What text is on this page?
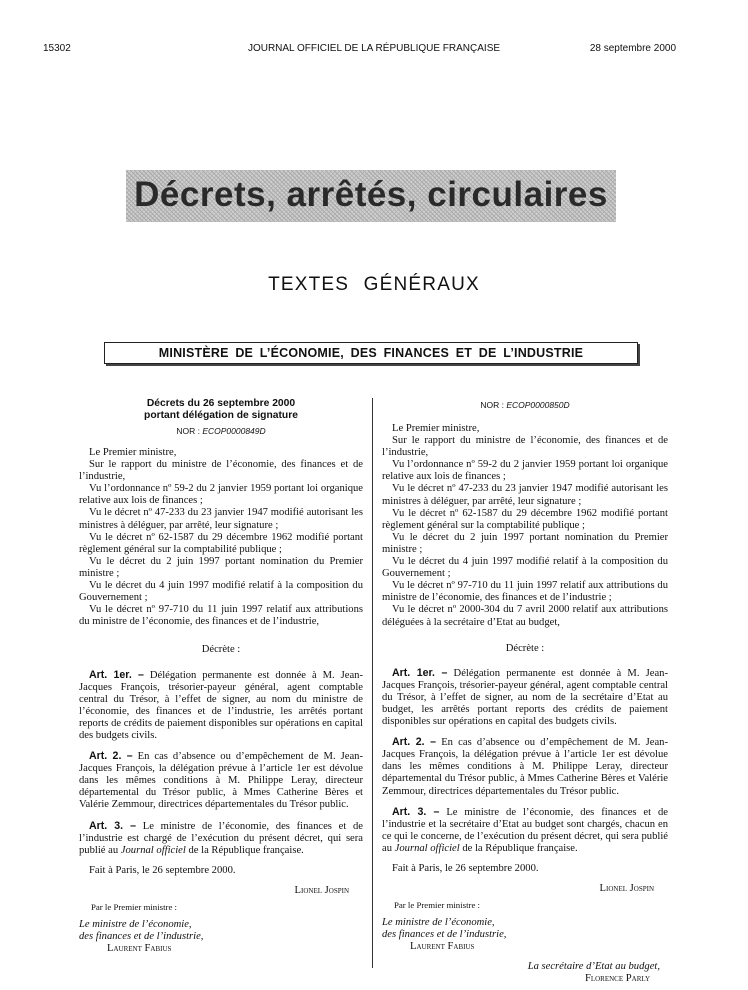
15302	JOURNAL OFFICIEL DE LA RÉPUBLIQUE FRANÇAISE	28 septembre 2000
Décrets, arrêtés, circulaires
TEXTES GÉNÉRAUX
MINISTÈRE DE L’ÉCONOMIE, DES FINANCES ET DE L’INDUSTRIE
Décrets du 26 septembre 2000
portant délégation de signature
NOR : ECOP0000849D

Le Premier ministre,

Sur le rapport du ministre de l’économie, des finances et de l’industrie,

Vu l’ordonnance nº 59-2 du 2 janvier 1959 portant loi organique relative aux lois de finances ;

Vu le décret nº 47-233 du 23 janvier 1947 modifié autorisant les ministres à déléguer, par arrêté, leur signature ;

Vu le décret nº 62-1587 du 29 décembre 1962 modifié portant règlement général sur la comptabilité publique ;

Vu le décret du 2 juin 1997 portant nomination du Premier ministre ;

Vu le décret du 4 juin 1997 modifié relatif à la composition du Gouvernement ;

Vu le décret nº 97-710 du 11 juin 1997 relatif aux attributions du ministre de l’économie, des finances et de l’industrie,

Décrète :

Art. 1er. – Délégation permanente est donnée à M. Jean-Jacques François, trésorier-payeur général, agent comptable central du Trésor, à l’effet de signer, au nom du ministre de l’économie, des finances et de l’industrie, les arrêtés portant reports de crédits de paiement disponibles sur opérations en capital des budgets civils.

Art. 2. – En cas d’absence ou d’empêchement de M. Jean-Jacques François, la délégation prévue à l’article 1er est dévolue dans les mêmes conditions à M. Philippe Leray, directeur départemental du Trésor public, à Mmes Catherine Bères et Valérie Zemmour, directrices départementales du Trésor public.

Art. 3. – Le ministre de l’économie, des finances et de l’industrie est chargé de l’exécution du présent décret, qui sera publié au Journal officiel de la République française.

Fait à Paris, le 26 septembre 2000.

Lionel Jospin

Par le Premier ministre :

Le ministre de l’économie,
des finances et de l’industrie,
Laurent Fabius
NOR : ECOP0000850D

Le Premier ministre,

Sur le rapport du ministre de l’économie, des finances et de l’industrie,

Vu l’ordonnance nº 59-2 du 2 janvier 1959 portant loi organique relative aux lois de finances ;

Vu le décret nº 47-233 du 23 janvier 1947 modifié autorisant les ministres à déléguer, par arrêté, leur signature ;

Vu le décret nº 62-1587 du 29 décembre 1962 modifié portant règlement général sur la comptabilité publique ;

Vu le décret du 2 juin 1997 portant nomination du Premier ministre ;

Vu le décret du 4 juin 1997 modifié relatif à la composition du Gouvernement ;

Vu le décret nº 97-710 du 11 juin 1997 relatif aux attributions du ministre de l’économie, des finances et de l’industrie ;

Vu le décret nº 2000-304 du 7 avril 2000 relatif aux attributions déléguées à la secrétaire d’Etat au budget,

Décrète :

Art. 1er. – Délégation permanente est donnée à M. Jean-Jacques François, trésorier-payeur général, agent comptable central du Trésor, à l’effet de signer, au nom de la secrétaire d’Etat au budget, les arrêtés portant reports des crédits de paiement disponibles sur opérations en capital des budgets civils.

Art. 2. – En cas d’absence ou d’empêchement de M. Jean-Jacques François, la délégation prévue à l’article 1er est dévolue dans les mêmes conditions à M. Philippe Leray, directeur départemental du Trésor public, à Mmes Catherine Bères et Valérie Zemmour, directrices départementales du Trésor public.

Art. 3. – Le ministre de l’économie, des finances et de l’industrie et la secrétaire d’Etat au budget sont chargés, chacun en ce qui le concerne, de l’exécution du présent décret, qui sera publié au Journal officiel de la République française.

Fait à Paris, le 26 septembre 2000.

Lionel Jospin

Par le Premier ministre :

Le ministre de l’économie,
des finances et de l’industrie,
Laurent Fabius
La secrétaire d’Etat au budget,
Florence Parly
